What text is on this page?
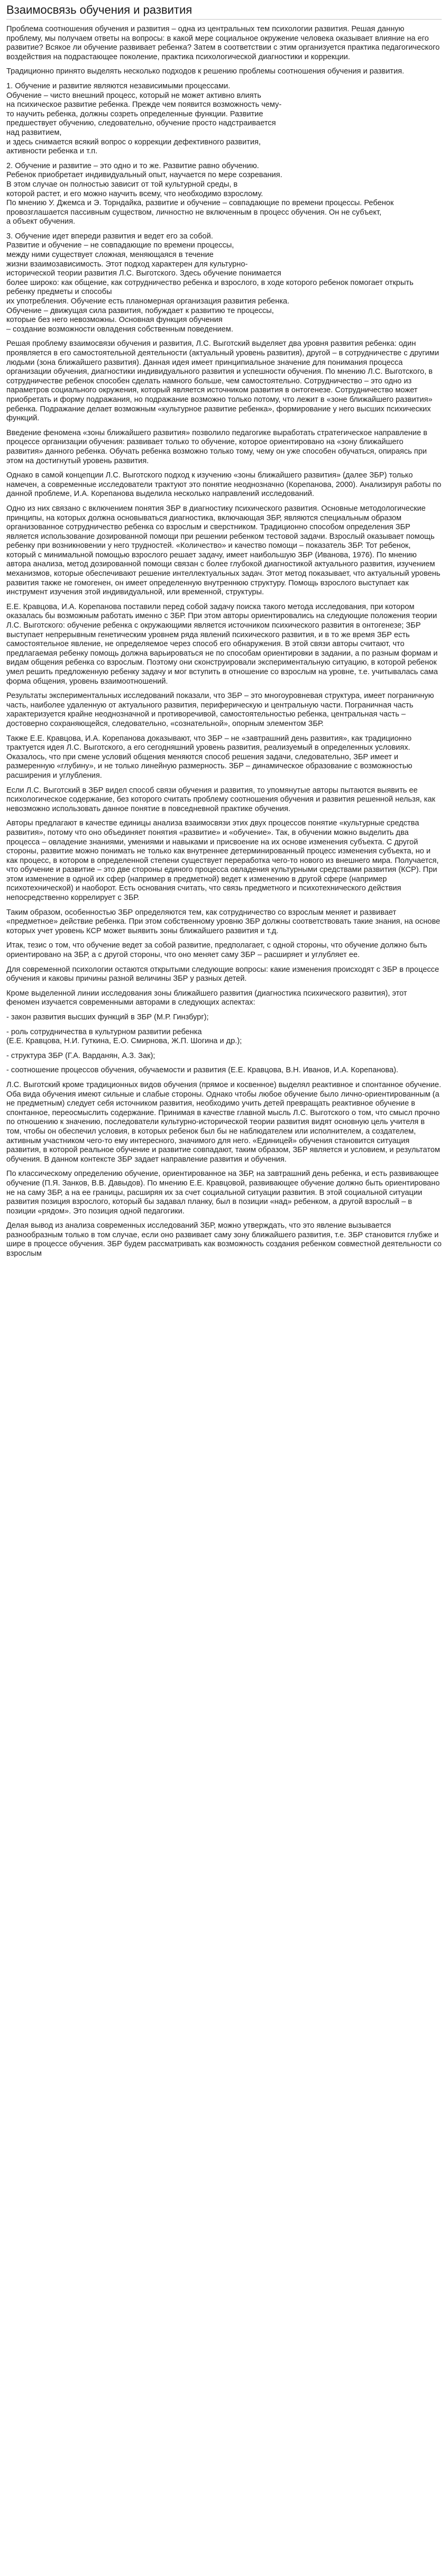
Взаимосвязь обучения и развития

Проблема соотношения обучения и развития – одна из центральных тем психологии развития. Решая данную проблему, мы получаем ответы на вопросы: в какой мере социальное окружение человека оказывает влияние на его развитие? Всякое ли обучение развивает ребенка? Затем в соответствии с этим организуется практика педагогического воздействия на подрастающее поколение, практика психологической диагностики и коррекции.

Традиционно принято выделять несколько подходов к решению проблемы соотношения обучения и развития.

1. Обучение и развитие являются независимыми процессами.
Обучение – чисто внешний процесс, который не может активно влиять
на психическое развитие ребенка. Прежде чем появится возможность чему-
то научить ребенка, должны созреть определенные функции. Развитие
предшествует обучению, следовательно, обучение просто надстраивается
над развитием,
и здесь снимается всякий вопрос о коррекции дефективного развития,
активности ребенка и т.п.

2. Обучение и развитие – это одно и то же. Развитие равно обучению.
Ребенок приобретает индивидуальный опыт, научается по мере созревания.
В этом случае он полностью зависит от той культурной среды, в
которой растет, и его можно научить всему, что необходимо взрослому.
По мнению У. Джемса и Э. Торндайка, развитие и обучение – совпадающие по времени процессы. Ребенок провозглашается пассивным существом, личностно не включенным в процесс обучения. Он не субъект,
а объект обучения.

3. Обучение идет впереди развития и ведет его за собой.
Развитие и обучение – не совпадающие по времени процессы,
между ними существует сложная, меняющаяся в течение
жизни взаимозависимость. Этот подход характерен для культурно-
исторической теории развития Л.С. Выготского. Здесь обучение понимается
более широко: как общение, как сотрудничество ребенка и взрослого, в ходе которого ребенок помогает открыть ребенку предметы и способы
их употребления. Обучение есть планомерная организация развития ребенка.
Обучение – движущая сила развития, побуждает к развитию те процессы,
которые без него невозможны. Основная функция обучения
– создание возможности овладения собственным поведением.

Решая проблему взаимосвязи обучения и развития, Л.С. Выготский выделяет два уровня развития ребенка: один проявляется в его самостоятельной деятельности (актуальный уровень развития), другой – в сотрудничестве с другими людьми (зона ближайшего развития). Данная идея имеет принципиальное значение для понимания процесса организации обучения, диагностики индивидуального развития и успешности обучения. По мнению Л.С. Выготского, в сотрудничестве ребенок способен сделать намного больше, чем самостоятельно. Сотрудничество – это одно из параметров социального окружения, который является источником развития в онтогенезе. Сотрудничество может приобретать и форму подражания, но подражание возможно только потому, что лежит в «зоне ближайшего развития» ребенка. Подражание делает возможным «культурное развитие ребенка», формирование у него высших психических функций.

Введение феномена «зоны ближайшего развития» позволило педагогике выработать стратегическое направление в процессе организации обучения: развивает только то обучение, которое ориентировано на «зону ближайшего развития» данного ребенка. Обучать ребенка возможно только тому, чему он уже способен обучаться, опираясь при этом на достигнутый уровень развития.

Однако в самой концепции Л.С. Выготского подход к изучению «зоны ближайшего развития» (далее ЗБР) только намечен, а современные исследователи трактуют это понятие неоднозначно (Корепанова, 2000). Анализируя работы по данной проблеме, И.А. Корепанова выделила несколько направлений исследований.

Одно из них связано с включением понятия ЗБР в диагностику психического развития. Основные методологические принципы, на которых должна основываться диагностика, включающая ЗБР, являются специальным образом организованное сотрудничество ребенка со взрослым и сверстником. Традиционно способом определения ЗБР является использование дозированной помощи при решении ребенком тестовой задачи. Взрослый оказывает помощь ребенку при возникновении у него трудностей. «Количество» и качество помощи – показатель ЗБР. Тот ребенок, который с минимальной помощью взрослого решает задачу, имеет наибольшую ЗБР (Иванова, 1976). По мнению автора анализа, метод дозированной помощи связан с более глубокой диагностикой актуального развития, изучением механизмов, которые обеспечивают решение интеллектуальных задач. Этот метод показывает, что актуальный уровень развития также не гомогенен, он имеет определенную внутреннюю структуру. Помощь взрослого выступает как инструмент изучения этой индивидуальной, или временной, структуры.

Е.Е. Кравцова, И.А. Корепанова поставили перед собой задачу поиска такого метода исследования, при котором оказалась бы возможным работать именно с ЗБР. При этом авторы ориентировались на следующие положения теории Л.С. Выготского: обучение ребенка с окружающими является источником психического развития в онтогенезе; ЗБР выступает непрерывным генетическим уровнем ряда явлений психического развития, и в то же время ЗБР есть самостоятельное явление, не определяемое через способ его обнаружения. В этой связи авторы считают, что предлагаемая ребенку помощь должна варьироваться не по способам ориентировки в задании, а по разным формам и видам общения ребенка со взрослым. Поэтому они сконструировали экспериментальную ситуацию, в которой ребенок умел решить предложенную ребенку задачу и мог вступить в отношение со взрослым на уровне, т.е. учитывалась сама форма общения, уровень взаимоотношений.

Результаты экспериментальных исследований показали, что ЗБР – это многоуровневая структура, имеет пограничную часть, наиболее удаленную от актуального развития, периферическую и центральную части. Пограничная часть характеризуется крайне неоднозначной и противоречивой, самостоятельностью ребенка, центральная часть – достоверно сохраняющейся, следовательно, «сознательной», опорным элементом ЗБР.

Также Е.Е. Кравцова, И.А. Корепанова доказывают, что ЗБР – не «завтрашний день развития», как традиционно трактуется идея Л.С. Выготского, а его сегодняшний уровень развития, реализуемый в определенных условиях. Оказалось, что при смене условий общения меняются способ решения задачи, следовательно, ЗБР имеет и размеренную «глубину», и не только линейную размерность. ЗБР – динамическое образование с возможностью расширения и углубления.

Если Л.С. Выготский в ЗБР видел способ связи обучения и развития, то упомянутые авторы пытаются выявить ее психологическое содержание, без которого считать проблему соотношения обучения и развития решенной нельзя, как невозможно использовать данное понятие в повседневной практике обучения.

Авторы предлагают в качестве единицы анализа взаимосвязи этих двух процессов понятие «культурные средства развития», потому что оно объединяет понятия «развитие» и «обучение». Так, в обучении можно выделить два процесса – овладение знаниями, умениями и навыками и присвоение на их основе изменения субъекта. С другой стороны, развитие можно понимать не только как внутреннее детерминированный процесс изменения субъекта, но и как процесс, в котором в определенной степени существует переработка чего-то нового из внешнего мира. Получается, что обучение и развитие – это две стороны единого процесса овладения культурными средствами развития (КСР). При этом изменение в одной их сфер (например в предметной) ведет к изменению в другой сфере (например психотехнической) и наоборот. Есть основания считать, что связь предметного и психотехнического действия непосредственно коррелирует с ЗБР.

Таким образом, особенностью ЗБР определяются тем, как сотрудничество со взрослым меняет и развивает «предметное» действие ребенка. При этом собственному уровню ЗБР должны соответствовать такие знания, на основе которых учет уровень КСР может выявить зоны ближайшего развития и т.д.

Итак, тезис о том, что обучение ведет за собой развитие, предполагает, с одной стороны, что обучение должно быть ориентировано на ЗБР, а с другой стороны, что оно меняет саму ЗБР – расширяет и углубляет ее.

Для современной психологии остаются открытыми следующие вопросы: какие изменения происходят с ЗБР в процессе обучения и каковы причины разной величины ЗБР у разных детей.

Кроме выделенной линии исследования зоны ближайшего развития (диагностика психического развития), этот феномен изучается современными авторами в следующих аспектах:

- закон развития высших функций в ЗБР (М.Р. Гинзбург);

- роль сотрудничества в культурном развитии ребенка
(Е.Е. Кравцова, Н.И. Гуткина, Е.О. Смирнова, Ж.П. Шогина и др.);

- структура ЗБР (Г.А. Варданян, А.З. Зак);

- соотношение процессов обучения, обучаемости и развития (Е.Е. Кравцова, В.Н. Иванов, И.А. Корепанова).

Л.С. Выготский кроме традиционных видов обучения (прямое и косвенное) выделял реактивное и спонтанное обучение. Оба вида обучения имеют сильные и слабые стороны. Однако чтобы любое обучение было лично-ориентированным (а не предметным) следует себя источником развития, необходимо учить детей превращать реактивное обучение в спонтанное, переосмыслить содержание. Принимая в качестве главной мысль Л.С. Выготского о том, что смысл прочно по отношению к значению, последователи культурно-исторической теории развития видят основную цель учителя в том, чтобы он обеспечил условия, в которых ребенок был бы не наблюдателем или исполнителем, а создателем, активным участником чего-то ему интересного, значимого для него. «Единицей» обучения становится ситуация развития, в которой реальное обучение и развитие совпадают, таким образом, ЗБР является и условием, и результатом обучения. В данном контексте ЗБР задает направление развития и обучения.

По классическому определению обучение, ориентированное на ЗБР, на завтрашний день ребенка, и есть развивающее обучение (П.Я. Занков, В.В. Давыдов). По мнению Е.Е. Кравцовой, развивающее обучение должно быть ориентировано не на саму ЗБР, а на ее границы, расширяя их за счет социальной ситуации развития. В этой социальной ситуации развития позиция взрослого, который бы задавал планку, был в позиции «над» ребенком, а другой взрослый – в позиции «рядом». Это позиция одной педагогики.

Делая вывод из анализа современных исследований ЗБР, можно утверждать, что это явление вызывается разнообразным только в том случае, если оно развивает саму зону ближайшего развития, т.е. ЗБР становится глубже и шире в процессе обучения. ЗБР будем рассматривать как возможность создания ребенком совместной деятельности со взрослым
